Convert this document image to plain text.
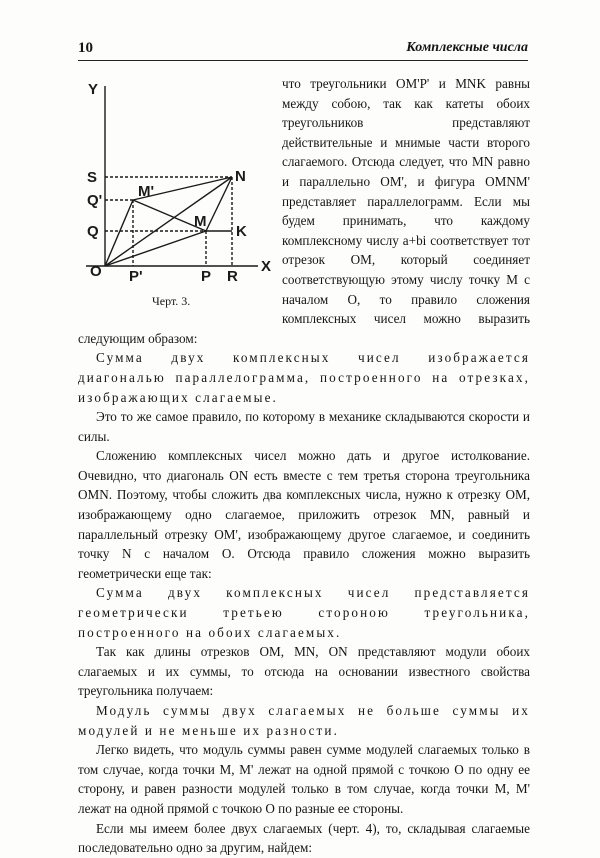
10	Комплексные числа
Y
X
S
Q'
Q
O P'	P R
N
M'
M
K
Черт. 3.

что треугольники OM'P' и MNK равны между собою, так как катеты обоих треугольников представляют действительные и мнимые части второго слагаемого. Отсюда следует, что MN равно и параллельно OM', и фигура OMNM' представляет параллелограмм. Если мы будем принимать, что каждому комплексному числу a+bi соответствует тот отрезок OM, который соединяет соответствующую этому числу точку M с началом O, то правило сложения комплексных чисел можно выразить следующим образом:

Сумма двух комплексных чисел изображается диагональю параллелограмма, построенного на отрезках, изображающих слагаемые.

Это то же самое правило, по которому в механике складываются скорости и силы.

Сложению комплексных чисел можно дать и другое истолкование. Очевидно, что диагональ ON есть вместе с тем третья сторона треугольника OMN. Поэтому, чтобы сложить два комплексных числа, нужно к отрезку OM, изображающему одно слагаемое, приложить отрезок MN, равный и параллельный отрезку OM', изображающему другое слагаемое, и соединить точку N с началом O. Отсюда правило сложения можно выразить геометрически еще так:

Сумма двух комплексных чисел представляется геометрически третьею стороною треугольника, построенного на обоих слагаемых.

Так как длины отрезков OM, MN, ON представляют модули обоих слагаемых и их суммы, то отсюда на основании известного свойства треугольника получаем:

Модуль суммы двух слагаемых не больше суммы их модулей и не меньше их разности.

Легко видеть, что модуль суммы равен сумме модулей слагаемых только в том случае, когда точки M, M' лежат на одной прямой с точкою O по одну ее сторону, и равен разности модулей только в том случае, когда точки M, M' лежат на одной прямой с точкою O по разные ее стороны.

Если мы имеем более двух слагаемых (черт. 4), то, складывая слагаемые последовательно одно за другим, найдем:
